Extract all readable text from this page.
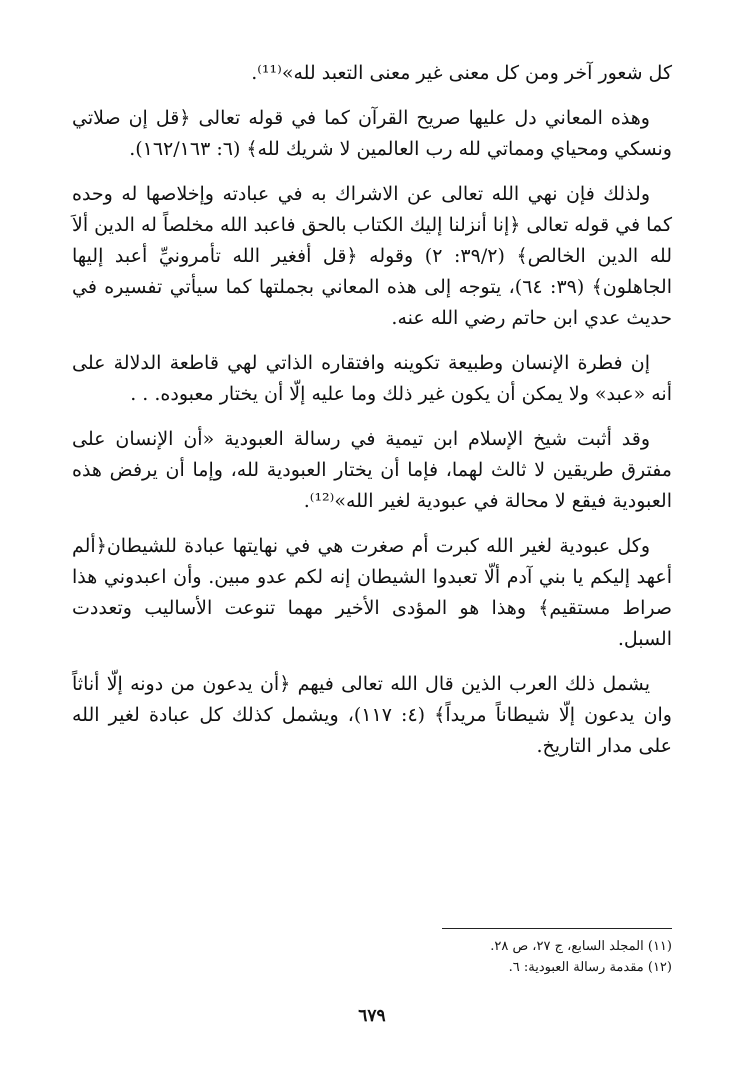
كل شعور آخر ومن كل معنى غير معنى التعبد لله»⁽¹¹⁾.

وهذه المعاني دل عليها صريح القرآن كما في قوله تعالى ﴿قل إن صلاتي ونسكي ومحياي ومماتي لله رب العالمين لا شريك لله﴾ (٦: ١٦٢/١٦٣).

ولذلك فإن نهي الله تعالى عن الاشراك به في عبادته وإخلاصها له وحده كما في قوله تعالى ﴿إنا أنزلنا إليك الكتاب بالحق فاعبد الله مخلصاً له الدين ألاَ لله الدين الخالص﴾ (٣٩/٢: ٢) وقوله ﴿قل أفغير الله تأمرونيِّ أعبد إليها الجاهلون﴾ (٣٩: ٦٤)، يتوجه إلى هذه المعاني بجملتها كما سيأتي تفسيره في حديث عدي ابن حاتم رضي الله عنه.

إن فطرة الإنسان وطبيعة تكوينه وافتقاره الذاتي لهي قاطعة الدلالة على أنه «عبد» ولا يمكن أن يكون غير ذلك وما عليه إلّا أن يختار معبوده. . .

وقد أثبت شيخ الإسلام ابن تيمية في رسالة العبودية «أن الإنسان على مفترق طريقين لا ثالث لهما، فإما أن يختار العبودية لله، وإما أن يرفض هذه العبودية فيقع لا محالة في عبودية لغير الله»⁽¹²⁾.

وكل عبودية لغير الله كبرت أم صغرت هي في نهايتها عبادة للشيطان﴿ألم أعهد إليكم يا بني آدم ألّا تعبدوا الشيطان إنه لكم عدو مبين. وأن اعبدوني هذا صراط مستقيم﴾ وهذا هو المؤدى الأخير مهما تنوعت الأساليب وتعددت السبل.

يشمل ذلك العرب الذين قال الله تعالى فيهم ﴿أن يدعون من دونه إلّا أناثاً وان يدعون إلّا شيطاناً مريداً﴾ (٤: ١١٧)، ويشمل كذلك كل عبادة لغير الله على مدار التاريخ.

(١١) المجلد السابع، ج ٢٧، ص ٢٨.
(١٢) مقدمة رسالة العبودية: ٦.
٦٧٩
